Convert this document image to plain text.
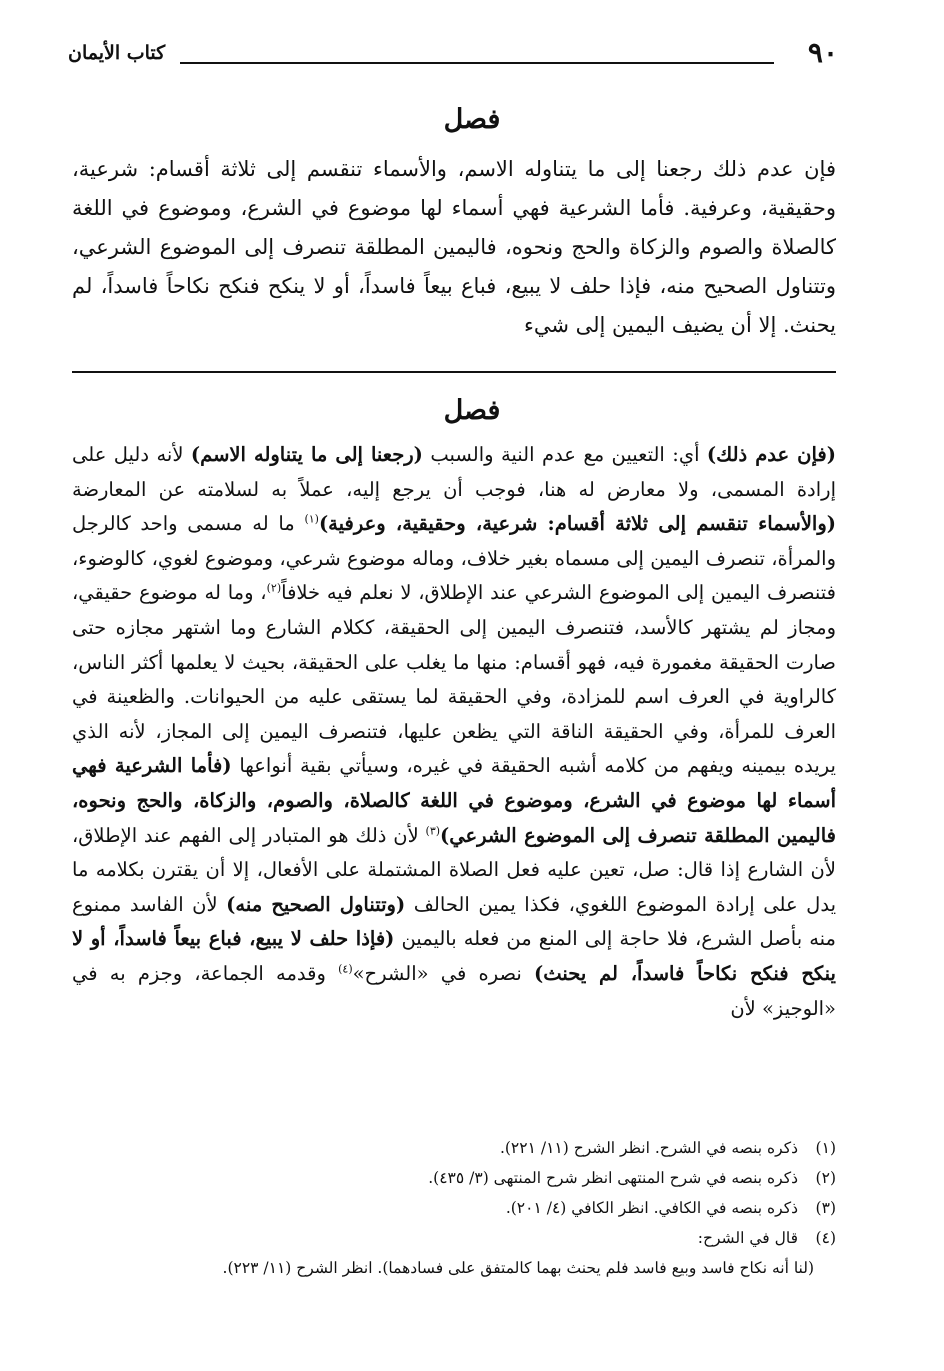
٩٠
كتاب الأيمان
فصل
فإن عدم ذلك رجعنا إلى ما يتناوله الاسم، والأسماء تنقسم إلى ثلاثة أقسام: شرعية، وحقيقية، وعرفية. فأما الشرعية فهي أسماء لها موضوع في الشرع، وموضوع في اللغة كالصلاة والصوم والزكاة والحج ونحوه، فاليمين المطلقة تنصرف إلى الموضوع الشرعي، وتتناول الصحيح منه، فإذا حلف لا يبيع، فباع بيعاً فاسداً، أو لا ينكح فنكح نكاحاً فاسداً، لم يحنث. إلا أن يضيف اليمين إلى شيء
فصل
(فإن عدم ذلك) أي: التعيين مع عدم النية والسبب (رجعنا إلى ما يتناوله الاسم) لأنه دليل على إرادة المسمى، ولا معارض له هنا، فوجب أن يرجع إليه، عملاً به لسلامته عن المعارضة (والأسماء تنقسم إلى ثلاثة أقسام: شرعية، وحقيقية، وعرفية)$^{(١)}$ ما له مسمى واحد كالرجل والمرأة، تنصرف اليمين إلى مسماه بغير خلاف، وماله موضوع شرعي، وموضوع لغوي، كالوضوء، فتنصرف اليمين إلى الموضوع الشرعي عند الإطلاق، لا نعلم فيه خلافاً$^{(٢)}$، وما له موضوع حقيقي، ومجاز لم يشتهر كالأسد، فتنصرف اليمين إلى الحقيقة، ككلام الشارع وما اشتهر مجازه حتى صارت الحقيقة مغمورة فيه، فهو أقسام: منها ما يغلب على الحقيقة، بحيث لا يعلمها أكثر الناس، كالراوية في العرف اسم للمزادة، وفي الحقيقة لما يستقى عليه من الحيوانات. والظعينة في العرف للمرأة، وفي الحقيقة الناقة التي يظعن عليها، فتنصرف اليمين إلى المجاز، لأنه الذي يريده بيمينه ويفهم من كلامه أشبه الحقيقة في غيره، وسيأتي بقية أنواعها (فأما الشرعية فهي أسماء لها موضوع في الشرع، وموضوع في اللغة كالصلاة، والصوم، والزكاة، والحج ونحوه، فاليمين المطلقة تنصرف إلى الموضوع الشرعي)$^{(٣)}$ لأن ذلك هو المتبادر إلى الفهم عند الإطلاق، لأن الشارع إذا قال: صل، تعين عليه فعل الصلاة المشتملة على الأفعال، إلا أن يقترن بكلامه ما يدل على إرادة الموضوع اللغوي، فكذا يمين الحالف (وتتناول الصحيح منه) لأن الفاسد ممنوع منه بأصل الشرع، فلا حاجة إلى المنع من فعله باليمين (فإذا حلف لا يبيع، فباع بيعاً فاسداً، أو لا ينكح فنكح نكاحاً فاسداً، لم يحنث) نصره في «الشرح»$^{(٤)}$ وقدمه الجماعة، وجزم به في «الوجيز» لأن
(١)ذكره بنصه في الشرح. انظر الشرح (١١/ ٢٢١).
(٢)ذكره بنصه في شرح المنتهى انظر شرح المنتهى (٣/ ٤٣٥).
(٣)ذكره بنصه في الكافي. انظر الكافي (٤/ ٢٠١).
(٤)قال في الشرح:
(لنا أنه نكاح فاسد وبيع فاسد فلم يحنث بهما كالمتفق على فسادهما). انظر الشرح (١١/ ٢٢٣).
